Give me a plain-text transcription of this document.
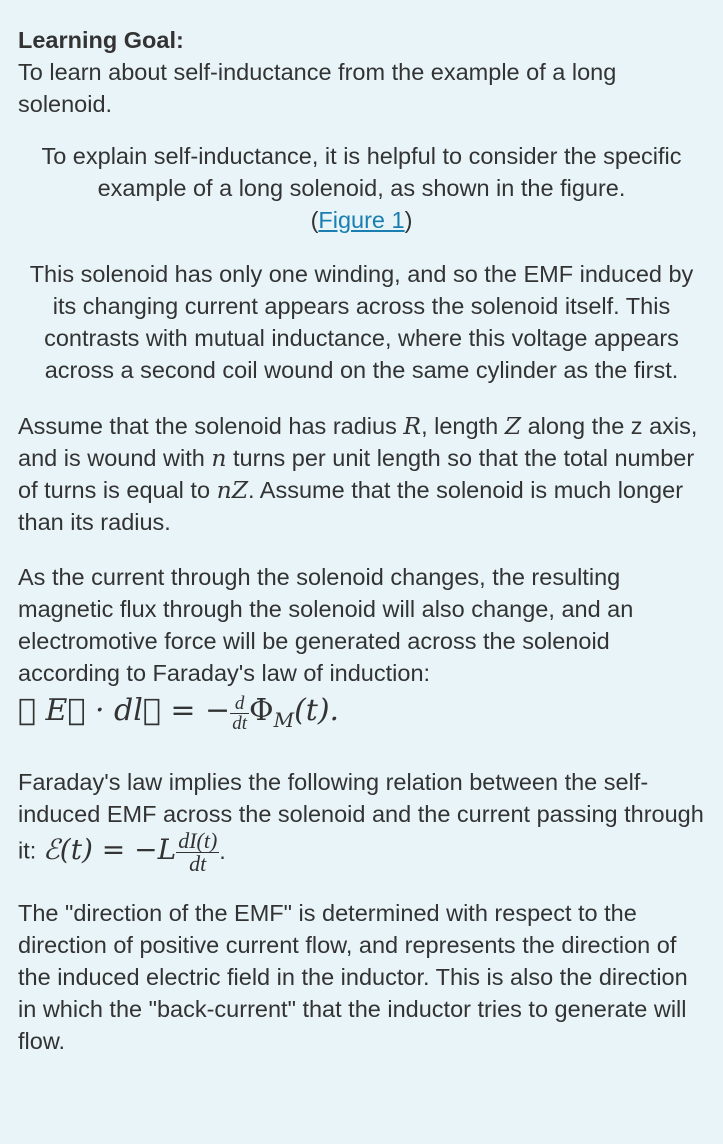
Learning Goal:

To learn about self-inductance from the example of a long solenoid.

To explain self-inductance, it is helpful to consider the specific example of a long solenoid, as shown in the figure.
(Figure 1)

This solenoid has only one winding, and so the EMF induced by its changing current appears across the solenoid itself. This contrasts with mutual inductance, where this voltage appears across a second coil wound on the same cylinder as the first.

Assume that the solenoid has radius R, length Z along the z axis, and is wound with n turns per unit length so that the total number of turns is equal to nZ. Assume that the solenoid is much longer than its radius.

As the current through the solenoid changes, the resulting magnetic flux through the solenoid will also change, and an electromotive force will be generated across the solenoid according to Faraday's law of induction:

∮ E⃗ · dl⃗ = − $\frac{d}{dt} \Phi_M(t)$.

Faraday's law implies the following relation between the self-induced EMF across the solenoid and the current passing through it: ℰ(t) = $-L \frac{dI(t)}{dt}$ .

The "direction of the EMF" is determined with respect to the direction of positive current flow, and represents the direction of the induced electric field in the inductor. This is also the direction in which the "back-current" that the inductor tries to generate will flow.
